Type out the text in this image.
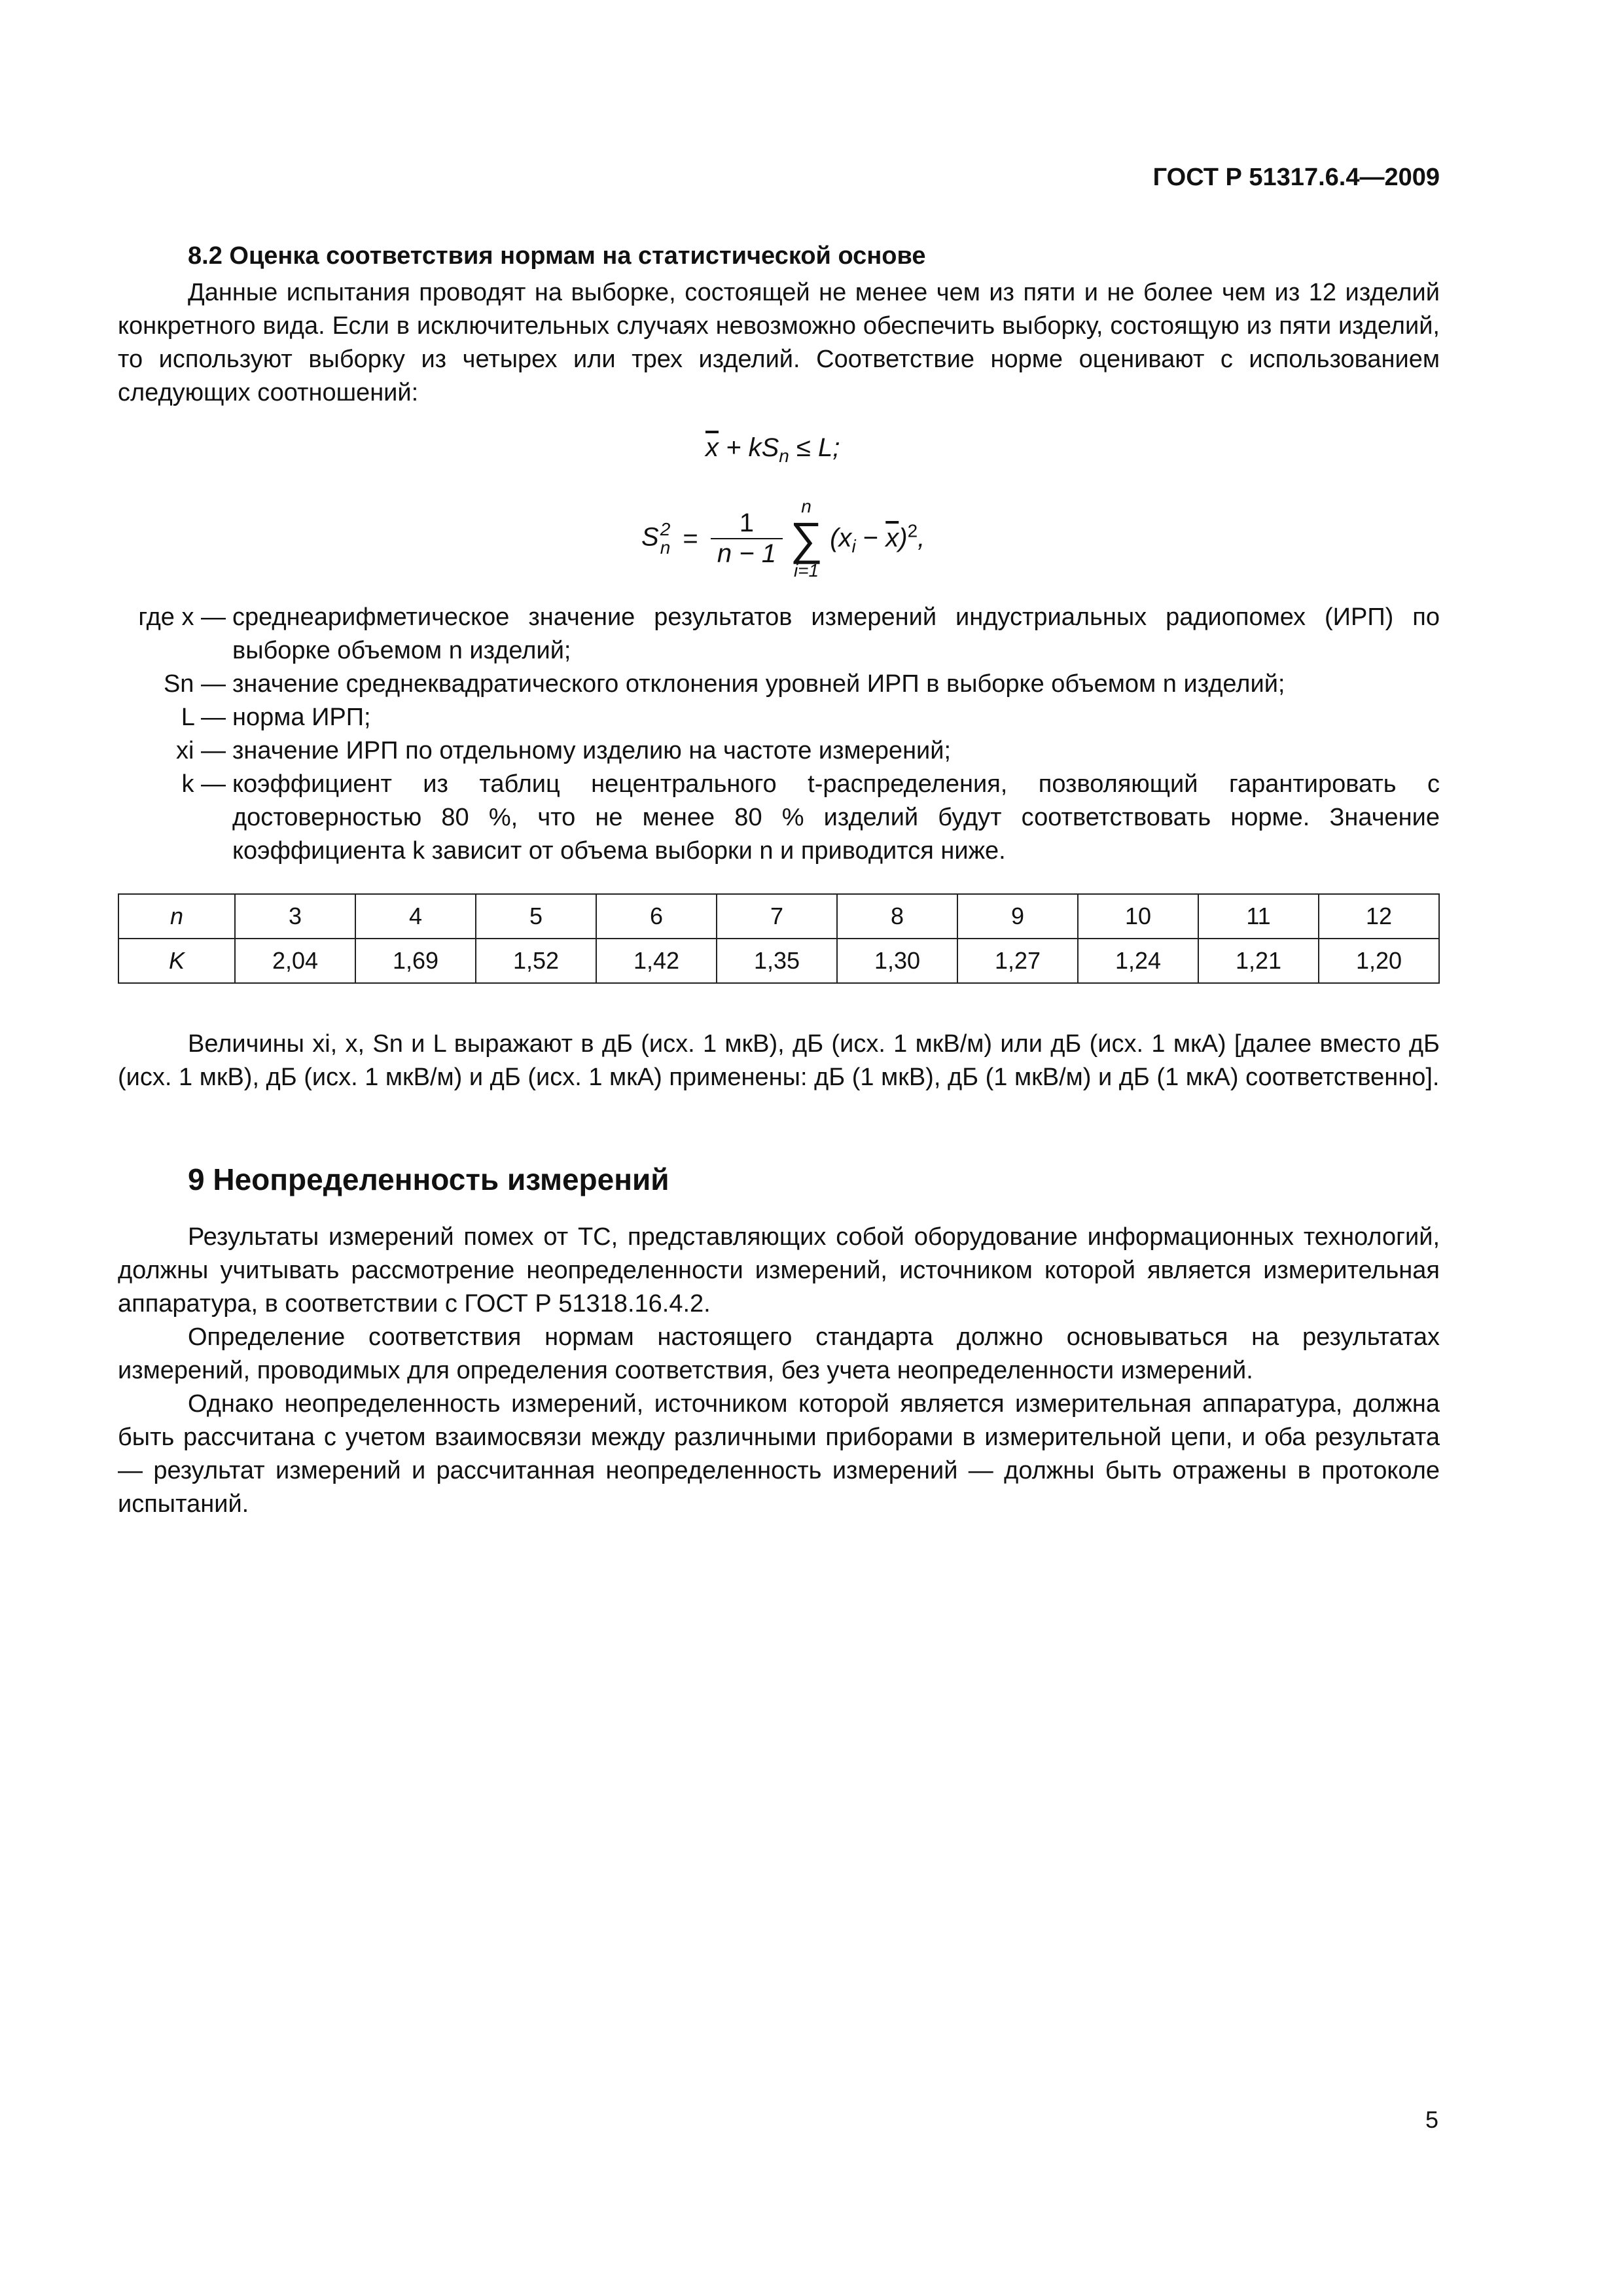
ГОСТ Р 51317.6.4—2009
8.2 Оценка соответствия нормам на статистической основе
Данные испытания проводят на выборке, состоящей не менее чем из пяти и не более чем из 12 изделий конкретного вида. Если в исключительных случаях невозможно обеспечить выборку, состоящую из пяти изделий, то используют выборку из четырех или трех изделий. Соответствие норме оценивают с использованием следующих соотношений:
$\overline{x} + kS_n \le L$;
S 2
$n = \frac{1}{n - 1}$

n
∑
i=1
$(x_i - \overline{x})^2$,
где x — среднеарифметическое значение результатов измерений индустриальных радиопомех (ИРП) по выборке объемом n изделий;
Sn — значение среднеквадратического отклонения уровней ИРП в выборке объемом n изделий;
L — норма ИРП;
xi — значение ИРП по отдельному изделию на частоте измерений;
k — коэффициент из таблиц нецентрального t-распределения, позволяющий гарантировать с достоверностью 80 %, что не менее 80 % изделий будут соответствовать норме. Значение коэффициента k зависит от объема выборки n и приводится ниже.
n	3	4	5	6	7	8	9	10	11	12
K	2,04	1,69	1,52	1,42	1,35	1,30	1,27	1,24	1,21	1,20
Величины xi, x, Sn и L выражают в дБ (исх. 1 мкВ), дБ (исх. 1 мкВ/м) или дБ (исх. 1 мкА) [далее вместо дБ (исх. 1 мкВ), дБ (исх. 1 мкВ/м) и дБ (исх. 1 мкА) применены: дБ (1 мкВ), дБ (1 мкВ/м) и дБ (1 мкА) соответственно].
9 Неопределенность измерений
Результаты измерений помех от ТС, представляющих собой оборудование информационных технологий, должны учитывать рассмотрение неопределенности измерений, источником которой является измерительная аппаратура, в соответствии с ГОСТ Р 51318.16.4.2.
Определение соответствия нормам настоящего стандарта должно основываться на результатах измерений, проводимых для определения соответствия, без учета неопределенности измерений.
Однако неопределенность измерений, источником которой является измерительная аппаратура, должна быть рассчитана с учетом взаимосвязи между различными приборами в измерительной цепи, и оба результата — результат измерений и рассчитанная неопределенность измерений — должны быть отражены в протоколе испытаний.
5
